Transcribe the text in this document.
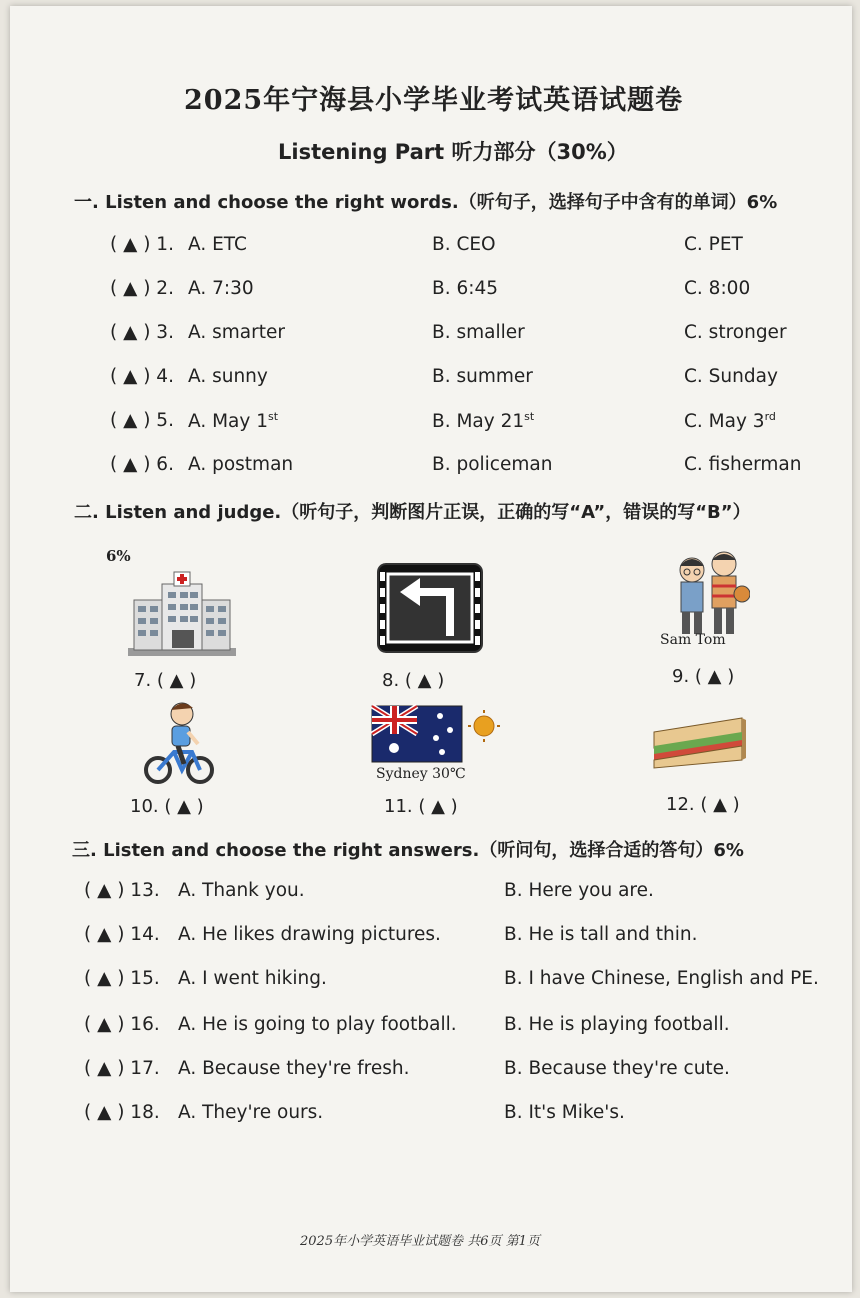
2025年宁海县小学毕业考试英语试题卷
Listening Part 听力部分（30%）
一. Listen and choose the right words.（听句子，选择句子中含有的单词）6%
( ▲ ) 1. A. ETC	B. CEO	C. PET
( ▲ ) 2. A. 7:30	B. 6:45	C. 8:00
( ▲ ) 3. A. smarter	B. smaller	C. stronger
( ▲ ) 4. A. sunny	B. summer	C. Sunday
( ▲ ) 5. A. May 1st	B. May 21st	C. May 3rd
( ▲ ) 6. A. postman	B. policeman	C. fisherman
二. Listen and judge.（听句子，判断图片正误，正确的写“A”，错误的写“B”）
6%
7. ( ▲ )	8. ( ▲ )
Sam Tom
9. ( ▲ )
10. ( ▲ )
Sydney 30℃
11. ( ▲ )	12. ( ▲ )
三. Listen and choose the right answers.（听问句，选择合适的答句）6%
( ▲ ) 13. A. Thank you.	B. Here you are.
( ▲ ) 14. A. He likes drawing pictures.	B. He is tall and thin.
( ▲ ) 15. A. I went hiking.	B. I have Chinese, English and PE.
( ▲ ) 16. A. He is going to play football.	B. He is playing football.
( ▲ ) 17. A. Because they're fresh.	B. Because they're cute.
( ▲ ) 18. A. They're ours.	B. It's Mike's.
2025年小学英语毕业试题卷 共6页 第1页
